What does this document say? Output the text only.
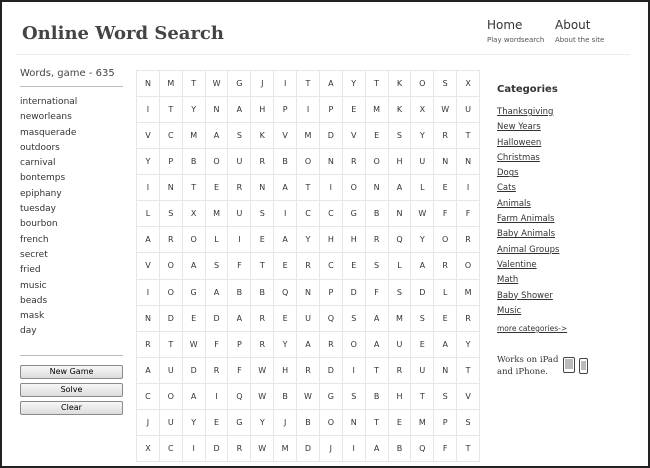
Online Word Search	Home
Play wordsearch
About
About the site
Words, game - 635
international
neworleans
masquerade
outdoors
carnival
bontemps
epiphany
tuesday
bourbon
french
secret
fried
music
beads
mask
day
New Game
Solve
Clear
N	M	T	W	G	J	I	T	A	Y	T	K	O	S	X
I	T	Y	N	A	H	P	I	P	E	M	K	X	W	U
V	C	M	A	S	K	V	M	D	V	E	S	Y	R	T
Y	P	B	O	U	R	B	O	N	R	O	H	U	N	N
I	N	T	E	R	N	A	T	I	O	N	A	L	E	I
L	S	X	M	U	S	I	C	C	G	B	N	W	F	F
A	R	O	L	I	E	A	Y	H	H	R	Q	Y	O	R
V	O	A	S	F	T	E	R	C	E	S	L	A	R	O
I	O	G	A	B	B	Q	N	P	D	F	S	D	L	M
N	D	E	D	A	R	E	U	Q	S	A	M	S	E	R
R	T	W	F	P	R	Y	A	R	O	A	U	E	A	Y
A	U	D	R	F	W	H	R	D	I	T	R	U	N	T
C	O	A	I	Q	W	B	W	G	S	B	H	T	S	V
J	U	Y	E	G	Y	J	B	O	N	T	E	M	P	S
X	C	I	D	R	W	M	D	J	I	A	B	Q	F	T
Categories
Thanksgiving
New Years
Halloween
Christmas
Dogs
Cats
Animals
Farm Animals
Baby Animals
Animal Groups
Valentine
Math
Baby Shower
Music
more categories->
Works on iPad and iPhone.
